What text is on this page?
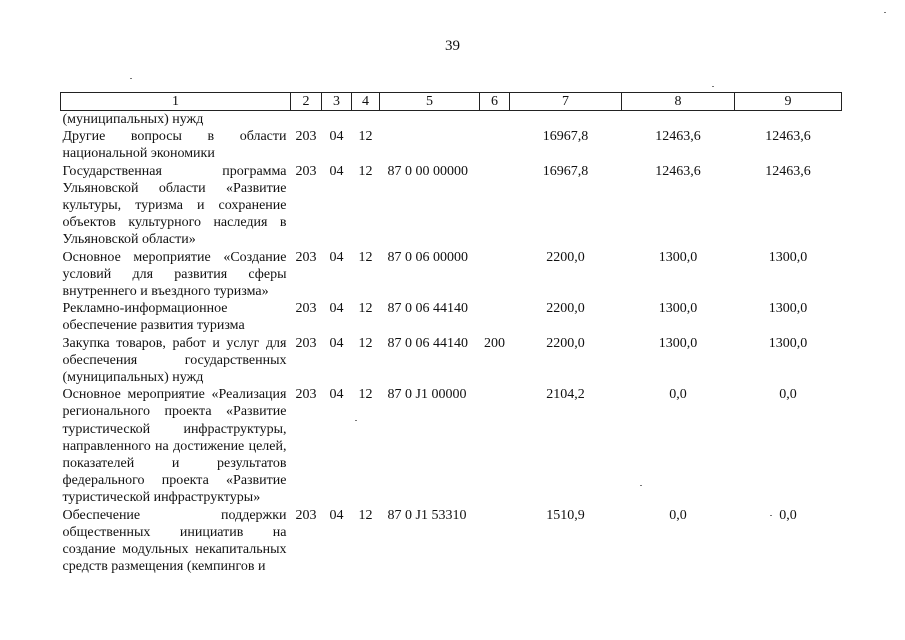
39
1	2	3	4	5	6	7	8	9
(муниципальных) нужд								
Другие вопросы в области национальной экономики	203	04	12			16967,8	12463,6	12463,6
Государственная программа Ульяновской области «Развитие культуры, туризма и сохранение объектов культурного наследия в Ульяновской области»	203	04	12	87 0 00 00000		16967,8	12463,6	12463,6
Основное мероприятие «Создание условий для развития сферы внутреннего и въездного туризма»	203	04	12	87 0 06 00000		2200,0	1300,0	1300,0
Рекламно-информационное обеспечение развития туризма	203	04	12	87 0 06 44140		2200,0	1300,0	1300,0
Закупка товаров, работ и услуг для обеспечения государственных (муниципальных) нужд	203	04	12	87 0 06 44140	200	2200,0	1300,0	1300,0
Основное мероприятие «Реализация регионального проекта «Развитие туристической инфраструктуры, направленного на достижение целей, показателей и результатов федерального проекта «Развитие туристической инфраструктуры»	203	04	12	87 0 J1 00000		2104,2	0,0	0,0
Обеспечение поддержки общественных инициатив на создание модульных некапитальных средств размещения (кемпингов и	203	04	12	87 0 J1 53310		1510,9	0,0	0,0
